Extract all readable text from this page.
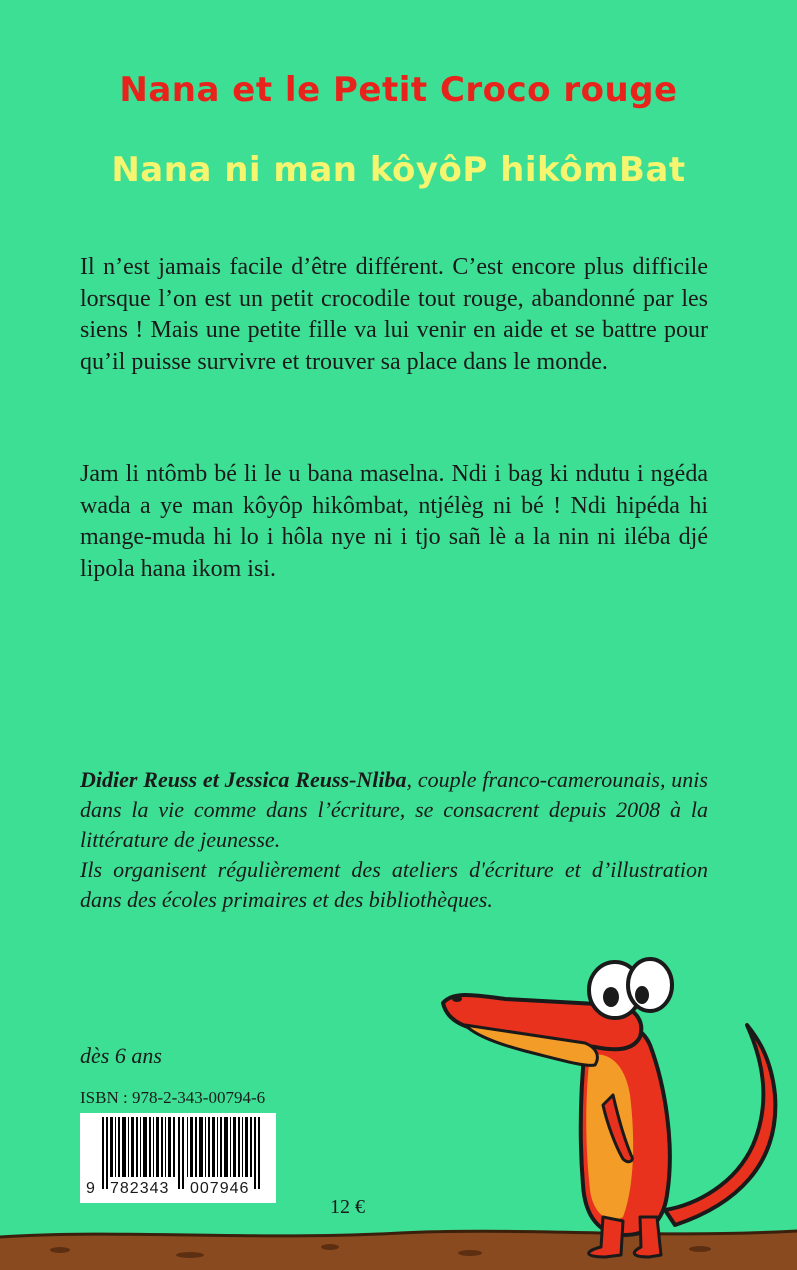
Nana et le Petit Croco rouge
Nana ni man kôyôP hikômBat
Il n’est jamais facile d’être différent. C’est encore plus difficile lorsque l’on est un petit crocodile tout rouge, abandonné par les siens ! Mais une petite fille va lui venir en aide et se battre pour qu’il puisse survivre et trouver sa place dans le monde.
Jam li ntômb bé li le u bana maselna. Ndi i bag ki ndutu i ngéda wada a ye man kôyôp hikômbat, ntjélèg ni bé ! Ndi hipéda hi mange-muda hi lo i hôla nye ni i tjo sañ lè a la nin ni iléba djé lipola hana ikom isi.

Didier Reuss et Jessica Reuss-Nliba, couple franco-camerounais, unis dans la vie comme dans l’écriture, se consacrent depuis 2008 à la littérature de jeunesse.

Ils organisent régulièrement des ateliers d'écriture et d’illustration dans des écoles primaires et des bibliothèques.

dès 6 ans
ISBN : 978-2-343-00794-6
9 782343 007946
12 €
